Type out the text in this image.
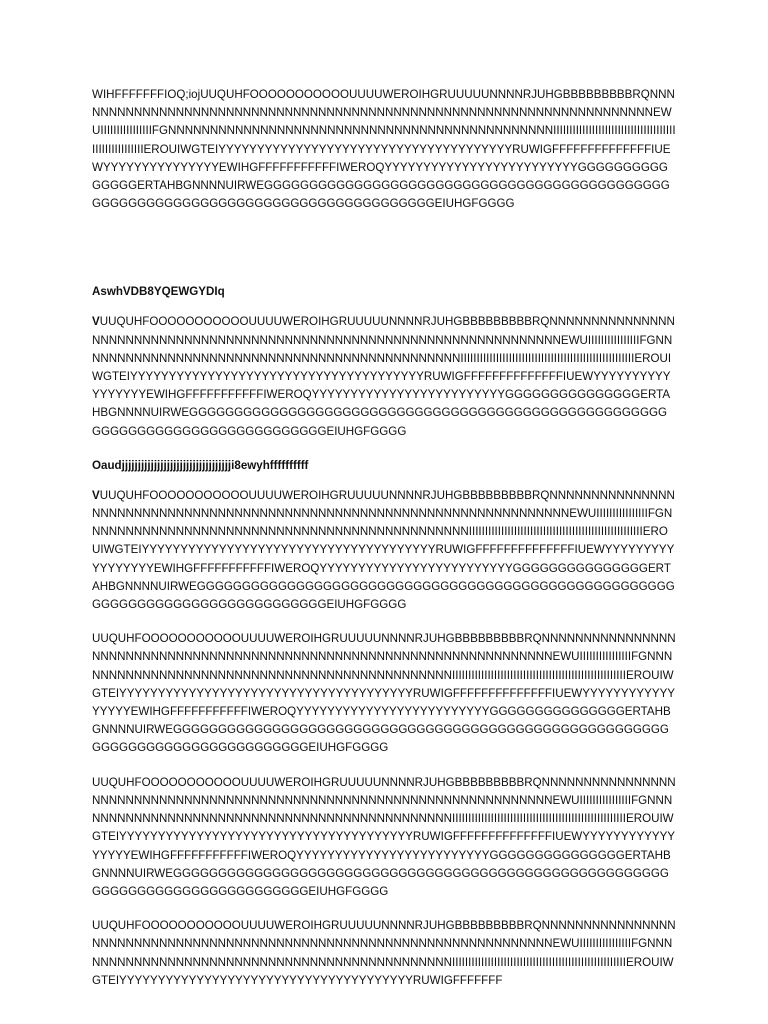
WIHFFFFFFFIOQ;iojUUQUHFOOOOOOOOOOOUUUUWEROIHGRUUUUUNNNNRJUHGBBBBBBBBBRQNNNNNNNNNNNNNNNNNNNNNNNNNNNNNNNNNNNNNNNNNNNNNNNNNNNNNNNNNNNNNNNNNNNNNNEWUIIIIIIIIIIIIIIIIFGNNNNNNNNNNNNNNNNNNNNNNNNNNNNNNNNNNNNNNNNNNNNNNIIIIIIIIIIIIIIIIIIIIIIIIIIIIIIIIIIIIIIIIIIIIIIIIIIIIIIEROUIWGTEIYYYYYYYYYYYYYYYYYYYYYYYYYYYYYYYYYYYYYYRUWIGFFFFFFFFFFFFFFIUEWYYYYYYYYYYYYYYYEWIHGFFFFFFFFFFFIWEROQYYYYYYYYYYYYYYYYYYYYYYYYYGGGGGGGGGGGGGGGERTAHBGNNNNUIRWEGGGGGGGGGGGGGGGGGGGGGGGGGGGGGGGGGGGGGGGGGGGGGGGGGGGGGGGGGGGGGGGGGGGGGGGGGGGGGGGGGGGEIUHGFGGGG

AswhVDB8YQEWGYDIq

VUUQUHFOOOOOOOOOOOUUUUWEROIHGRUUUUUNNNNRJUHGBBBBBBBBBRQNNNNNNNNNNNNNNNNNNNNNNNNNNNNNNNNNNNNNNNNNNNNNNNNNNNNNNNNNNNNNNNNNNNNNNNEWUIIIIIIIIIIIIIIIIFGNNNNNNNNNNNNNNNNNNNNNNNNNNNNNNNNNNNNNNNNNNNNNNIIIIIIIIIIIIIIIIIIIIIIIIIIIIIIIIIIIIIIIIIIIIIIIIIIIIIIEROUIWGTEIYYYYYYYYYYYYYYYYYYYYYYYYYYYYYYYYYYYYYYRUWIGFFFFFFFFFFFFFFIUEWYYYYYYYYYYYYYYYYYEWIHGFFFFFFFFFFFIWEROQYYYYYYYYYYYYYYYYYYYYYYYYYGGGGGGGGGGGGGGGERTAHBGNNNNUIRWEGGGGGGGGGGGGGGGGGGGGGGGGGGGGGGGGGGGGGGGGGGGGGGGGGGGGGGGGGGGGGGGGGGGGGGGGGGGGGGGEIUHGFGGGG

Oaudjjjjjjjjjjjjjjjjjjjjjjjjjjjjjjjjjji8ewyhffffffffff

VUUQUHFOOOOOOOOOOOUUUUWEROIHGRUUUUUNNNNRJUHGBBBBBBBBBRQNNNNNNNNNNNNNNNNNNNNNNNNNNNNNNNNNNNNNNNNNNNNNNNNNNNNNNNNNNNNNNNNNNNNNNNNEWUIIIIIIIIIIIIIIIIFGNNNNNNNNNNNNNNNNNNNNNNNNNNNNNNNNNNNNNNNNNNNNNNIIIIIIIIIIIIIIIIIIIIIIIIIIIIIIIIIIIIIIIIIIIIIIIIIIIIIIEROUIWGTEIYYYYYYYYYYYYYYYYYYYYYYYYYYYYYYYYYYYYYYRUWIGFFFFFFFFFFFFFFIUEWYYYYYYYYYYYYYYYYYEWIHGFFFFFFFFFFFIWEROQYYYYYYYYYYYYYYYYYYYYYYYYYGGGGGGGGGGGGGGGERTAHBGNNNNUIRWEGGGGGGGGGGGGGGGGGGGGGGGGGGGGGGGGGGGGGGGGGGGGGGGGGGGGGGGGGGGGGGGGGGGGGGGGGGGGGGGEIUHGFGGGG

UUQUHFOOOOOOOOOOOUUUUWEROIHGRUUUUUNNNNRJUHGBBBBBBBBBRQNNNNNNNNNNNNNNNNNNNNNNNNNNNNNNNNNNNNNNNNNNNNNNNNNNNNNNNNNNNNNNNNNNNNNNNEWUIIIIIIIIIIIIIIIIFGNNNNNNNNNNNNNNNNNNNNNNNNNNNNNNNNNNNNNNNNNNNNNNIIIIIIIIIIIIIIIIIIIIIIIIIIIIIIIIIIIIIIIIIIIIIIIIIIIIIIEROUIWGTEIYYYYYYYYYYYYYYYYYYYYYYYYYYYYYYYYYYYYYYRUWIGFFFFFFFFFFFFFFIUEWYYYYYYYYYYYYYYYYYEWIHGFFFFFFFFFFFIWEROQYYYYYYYYYYYYYYYYYYYYYYYYYGGGGGGGGGGGGGGGERTAHBGNNNNUIRWEGGGGGGGGGGGGGGGGGGGGGGGGGGGGGGGGGGGGGGGGGGGGGGGGGGGGGGGGGGGGGGGGGGGGGGGGGGGGGGGEIUHGFGGGG

UUQUHFOOOOOOOOOOOUUUUWEROIHGRUUUUUNNNNRJUHGBBBBBBBBBRQNNNNNNNNNNNNNNNNNNNNNNNNNNNNNNNNNNNNNNNNNNNNNNNNNNNNNNNNNNNNNNNNNNNNNNNEWUIIIIIIIIIIIIIIIIFGNNNNNNNNNNNNNNNNNNNNNNNNNNNNNNNNNNNNNNNNNNNNNNIIIIIIIIIIIIIIIIIIIIIIIIIIIIIIIIIIIIIIIIIIIIIIIIIIIIIIEROUIWGTEIYYYYYYYYYYYYYYYYYYYYYYYYYYYYYYYYYYYYYYRUWIGFFFFFFFFFFFFFFIUEWYYYYYYYYYYYYYYYYYEWIHGFFFFFFFFFFFIWEROQYYYYYYYYYYYYYYYYYYYYYYYYYGGGGGGGGGGGGGGGERTAHBGNNNNUIRWEGGGGGGGGGGGGGGGGGGGGGGGGGGGGGGGGGGGGGGGGGGGGGGGGGGGGGGGGGGGGGGGGGGGGGGGGGGGGGGGEIUHGFGGGG

UUQUHFOOOOOOOOOOOUUUUWEROIHGRUUUUUNNNNRJUHGBBBBBBBBBRQNNNNNNNNNNNNNNNNNNNNNNNNNNNNNNNNNNNNNNNNNNNNNNNNNNNNNNNNNNNNNNNNNNNNNNNEWUIIIIIIIIIIIIIIIIFGNNNNNNNNNNNNNNNNNNNNNNNNNNNNNNNNNNNNNNNNNNNNNNIIIIIIIIIIIIIIIIIIIIIIIIIIIIIIIIIIIIIIIIIIIIIIIIIIIIIIEROUIWGTEIYYYYYYYYYYYYYYYYYYYYYYYYYYYYYYYYYYYYYYRUWIGFFFFFFF
